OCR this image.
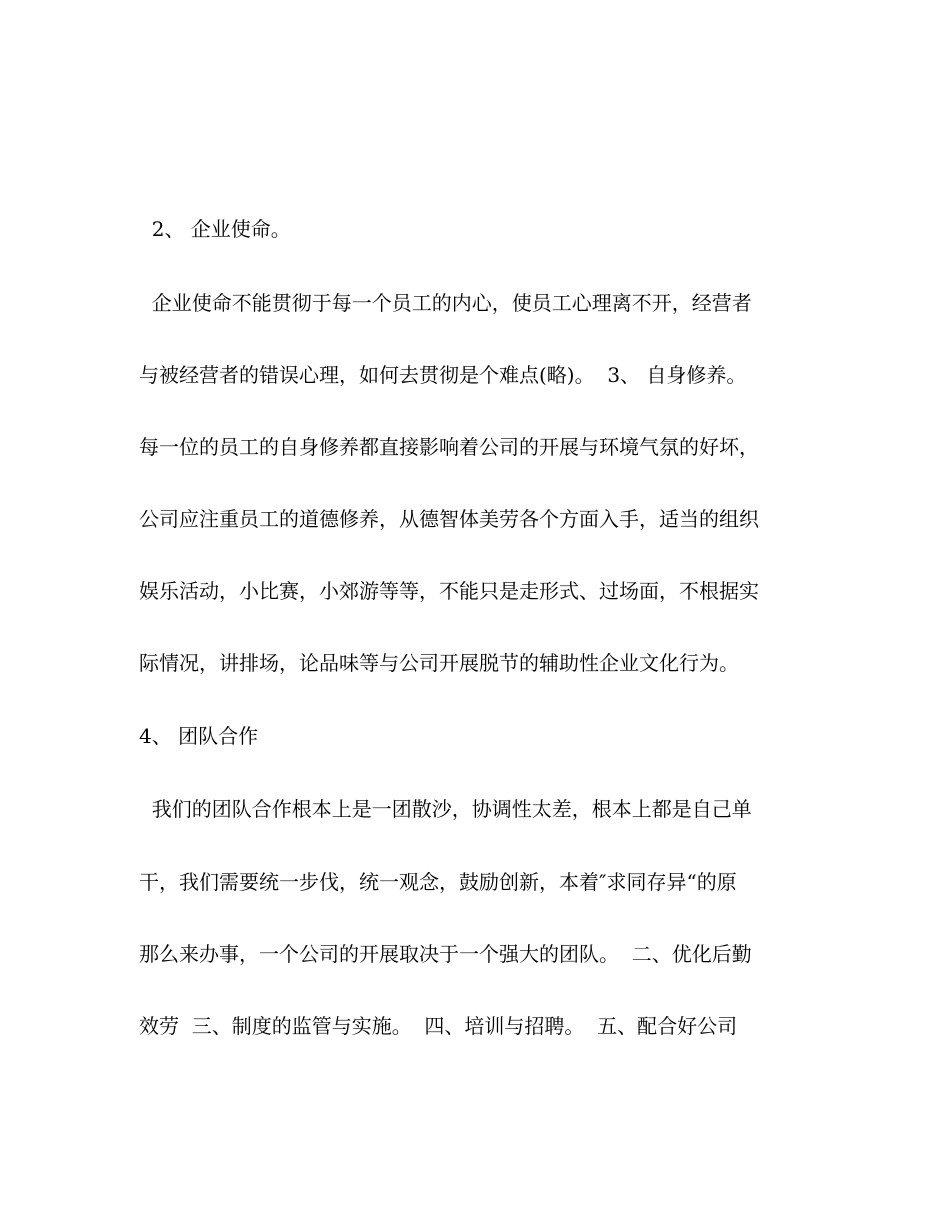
2、 企业使命。
企业使命不能贯彻于每一个员工的内心，使员工心理离不开，经营者
与被经营者的错误心理，如何去贯彻是个难点(略)。  3、 自身修养。
每一位的员工的自身修养都直接影响着公司的开展与环境气氛的好坏，
公司应注重员工的道德修养，从德智体美劳各个方面入手，适当的组织
娱乐活动，小比赛，小郊游等等，不能只是走形式、过场面，不根据实
际情况，讲排场，论品味等与公司开展脱节的辅助性企业文化行为。
4、 团队合作
我们的团队合作根本上是一团散沙，协调性太差，根本上都是自己单
干，我们需要统一步伐，统一观念，鼓励创新，本着″求同存异“的原
那么来办事，一个公司的开展取决于一个强大的团队。  二、优化后勤
效劳  三、制度的监管与实施。  四、培训与招聘。  五、配合好公司
